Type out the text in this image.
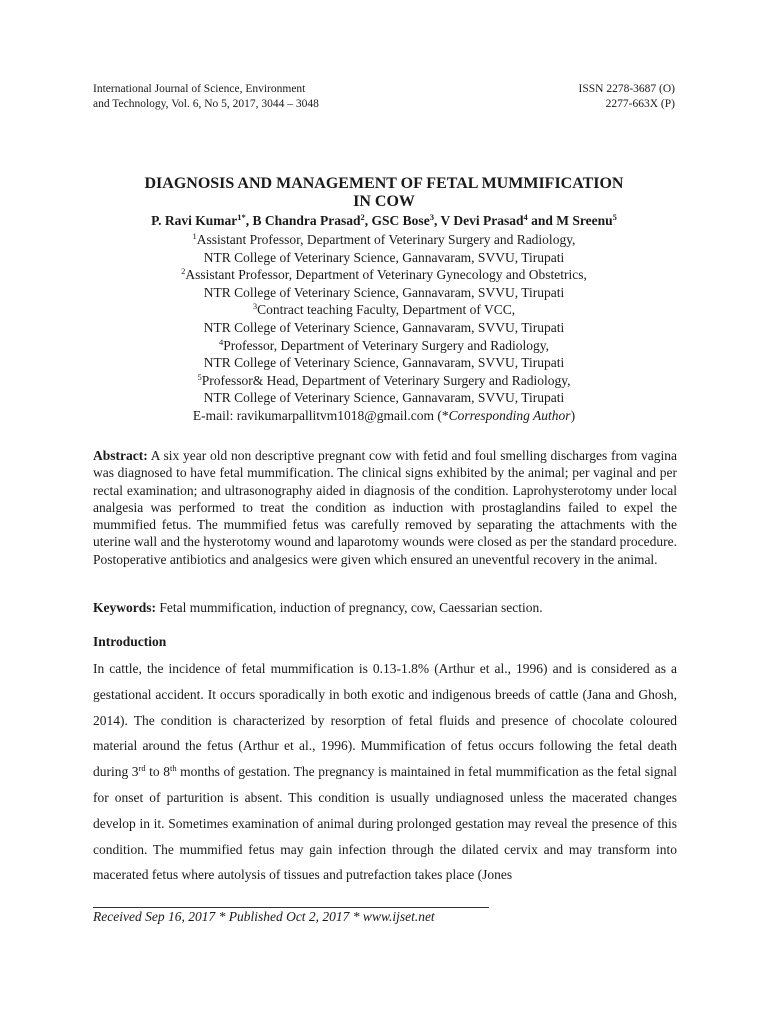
International Journal of Science, Environment
and Technology, Vol. 6, No 5, 2017, 3044 – 3048
ISSN 2278-3687 (O)
2277-663X (P)
DIAGNOSIS AND MANAGEMENT OF FETAL MUMMIFICATION
IN COW
P. Ravi Kumar$^{1*}$, B Chandra Prasad$^2$, GSC Bose$^3$, V Devi Prasad$^4$ and M Sreenu$^5$
$^1$Assistant Professor, Department of Veterinary Surgery and Radiology,
NTR College of Veterinary Science, Gannavaram, SVVU, Tirupati
$^2$Assistant Professor, Department of Veterinary Gynecology and Obstetrics,
NTR College of Veterinary Science, Gannavaram, SVVU, Tirupati
$^3$Contract teaching Faculty, Department of VCC,
NTR College of Veterinary Science, Gannavaram, SVVU, Tirupati
$^4$Professor, Department of Veterinary Surgery and Radiology,
NTR College of Veterinary Science, Gannavaram, SVVU, Tirupati
$^5$Professor& Head, Department of Veterinary Surgery and Radiology,
NTR College of Veterinary Science, Gannavaram, SVVU, Tirupati
E-mail: ravikumarpallitvm1018@gmail.com (*Corresponding Author)

Abstract: A six year old non descriptive pregnant cow with fetid and foul smelling discharges from vagina was diagnosed to have fetal mummification. The clinical signs exhibited by the animal; per vaginal and per rectal examination; and ultrasonography aided in diagnosis of the condition. Laprohysterotomy under local analgesia was performed to treat the condition as induction with prostaglandins failed to expel the mummified fetus. The mummified fetus was carefully removed by separating the attachments with the uterine wall and the hysterotomy wound and laparotomy wounds were closed as per the standard procedure. Postoperative antibiotics and analgesics were given which ensured an uneventful recovery in the animal.

Keywords: Fetal mummification, induction of pregnancy, cow, Caessarian section.

Introduction

In cattle, the incidence of fetal mummification is 0.13-1.8% (Arthur et al., 1996) and is considered as a gestational accident. It occurs sporadically in both exotic and indigenous breeds of cattle (Jana and Ghosh, 2014). The condition is characterized by resorption of fetal fluids and presence of chocolate coloured material around the fetus (Arthur et al., 1996). Mummification of fetus occurs following the fetal death during 3rd to 8th months of gestation. The pregnancy is maintained in fetal mummification as the fetal signal for onset of parturition is absent. This condition is usually undiagnosed unless the macerated changes develop in it. Sometimes examination of animal during prolonged gestation may reveal the presence of this condition. The mummified fetus may gain infection through the dilated cervix and may transform into macerated fetus where autolysis of tissues and putrefaction takes place (Jones

Received Sep 16, 2017 * Published Oct 2, 2017 * www.ijset.net
